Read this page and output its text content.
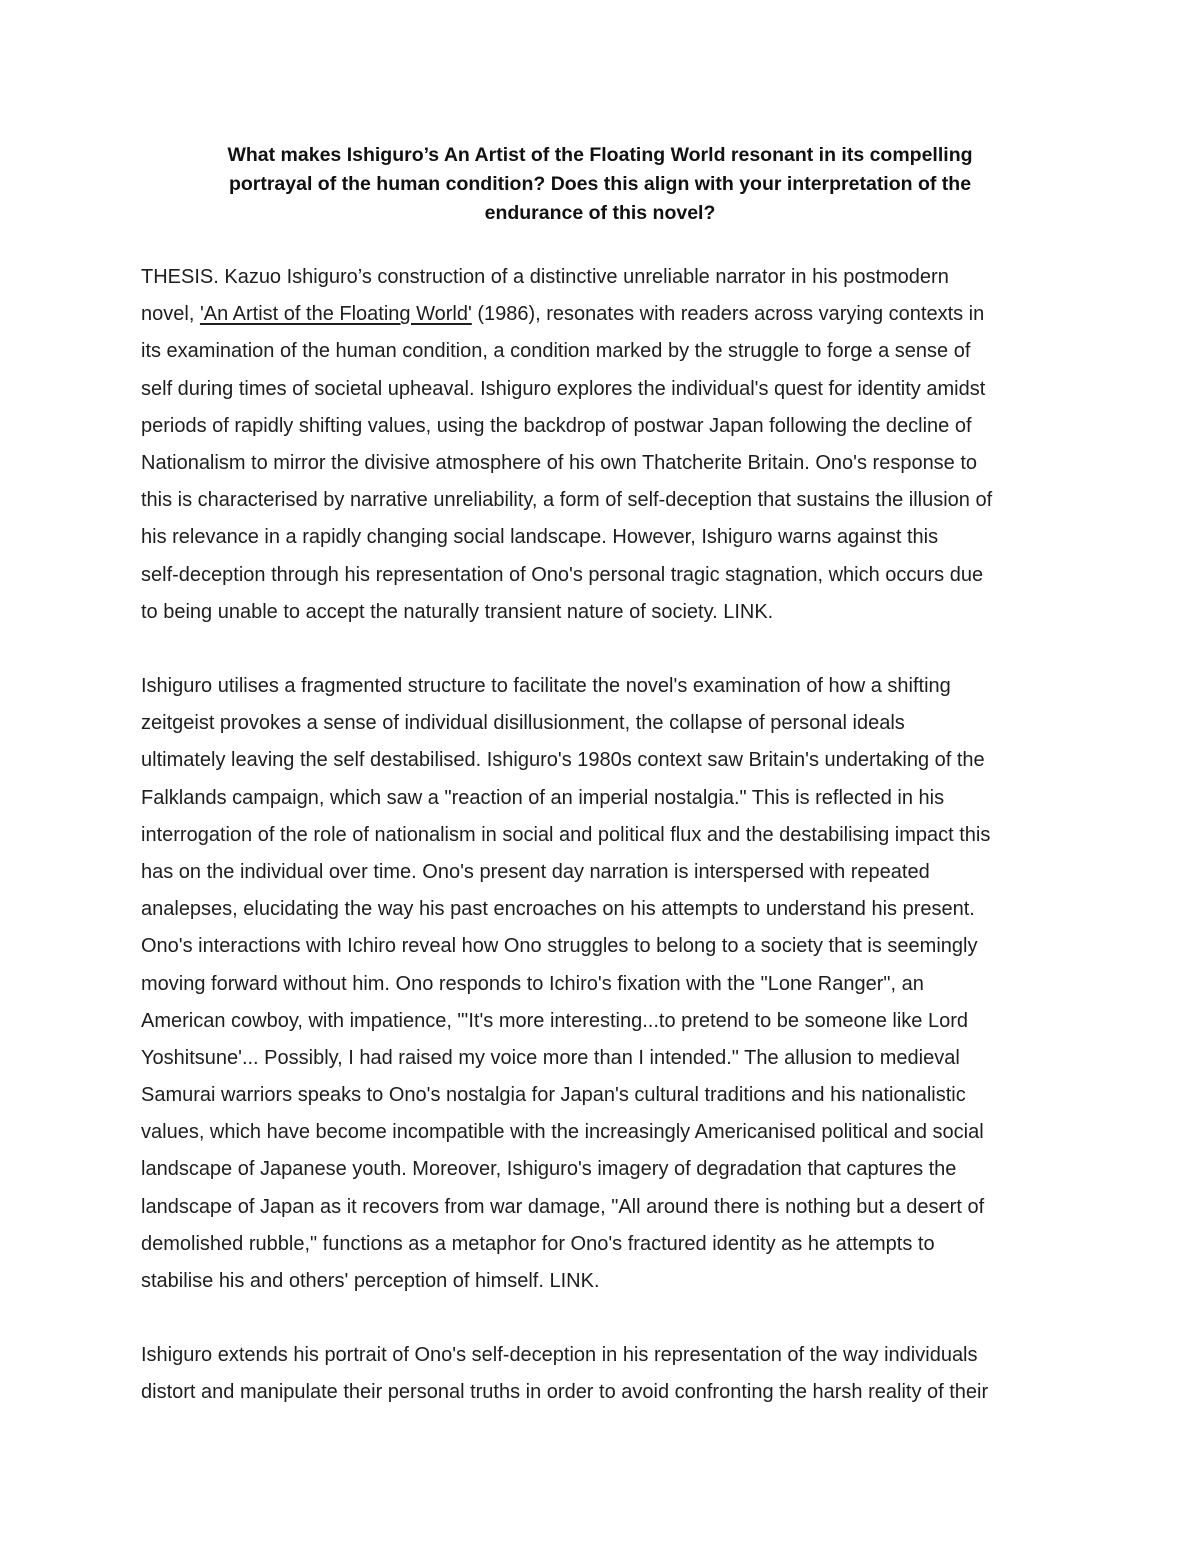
What makes Ishiguro’s An Artist of the Floating World resonant in its compelling
portrayal of the human condition? Does this align with your interpretation of the
endurance of this novel?
THESIS. Kazuo Ishiguro’s construction of a distinctive unreliable narrator in his postmodern
novel, 'An Artist of the Floating World' (1986), resonates with readers across varying contexts in
its examination of the human condition, a condition marked by the struggle to forge a sense of
self during times of societal upheaval. Ishiguro explores the individual's quest for identity amidst
periods of rapidly shifting values, using the backdrop of postwar Japan following the decline of
Nationalism to mirror the divisive atmosphere of his own Thatcherite Britain. Ono's response to
this is characterised by narrative unreliability, a form of self-deception that sustains the illusion of
his relevance in a rapidly changing social landscape. However, Ishiguro warns against this
self-deception through his representation of Ono's personal tragic stagnation, which occurs due
to being unable to accept the naturally transient nature of society. LINK.
Ishiguro utilises a fragmented structure to facilitate the novel's examination of how a shifting
zeitgeist provokes a sense of individual disillusionment, the collapse of personal ideals
ultimately leaving the self destabilised. Ishiguro's 1980s context saw Britain's undertaking of the
Falklands campaign, which saw a "reaction of an imperial nostalgia." This is reflected in his
interrogation of the role of nationalism in social and political flux and the destabilising impact this
has on the individual over time. Ono's present day narration is interspersed with repeated
analepses, elucidating the way his past encroaches on his attempts to understand his present.
Ono's interactions with Ichiro reveal how Ono struggles to belong to a society that is seemingly
moving forward without him. Ono responds to Ichiro's fixation with the "Lone Ranger", an
American cowboy, with impatience, "'It's more interesting...to pretend to be someone like Lord
Yoshitsune'... Possibly, I had raised my voice more than I intended." The allusion to medieval
Samurai warriors speaks to Ono's nostalgia for Japan's cultural traditions and his nationalistic
values, which have become incompatible with the increasingly Americanised political and social
landscape of Japanese youth. Moreover, Ishiguro's imagery of degradation that captures the
landscape of Japan as it recovers from war damage, "All around there is nothing but a desert of
demolished rubble," functions as a metaphor for Ono's fractured identity as he attempts to
stabilise his and others' perception of himself. LINK.
Ishiguro extends his portrait of Ono's self-deception in his representation of the way individuals
distort and manipulate their personal truths in order to avoid confronting the harsh reality of their
